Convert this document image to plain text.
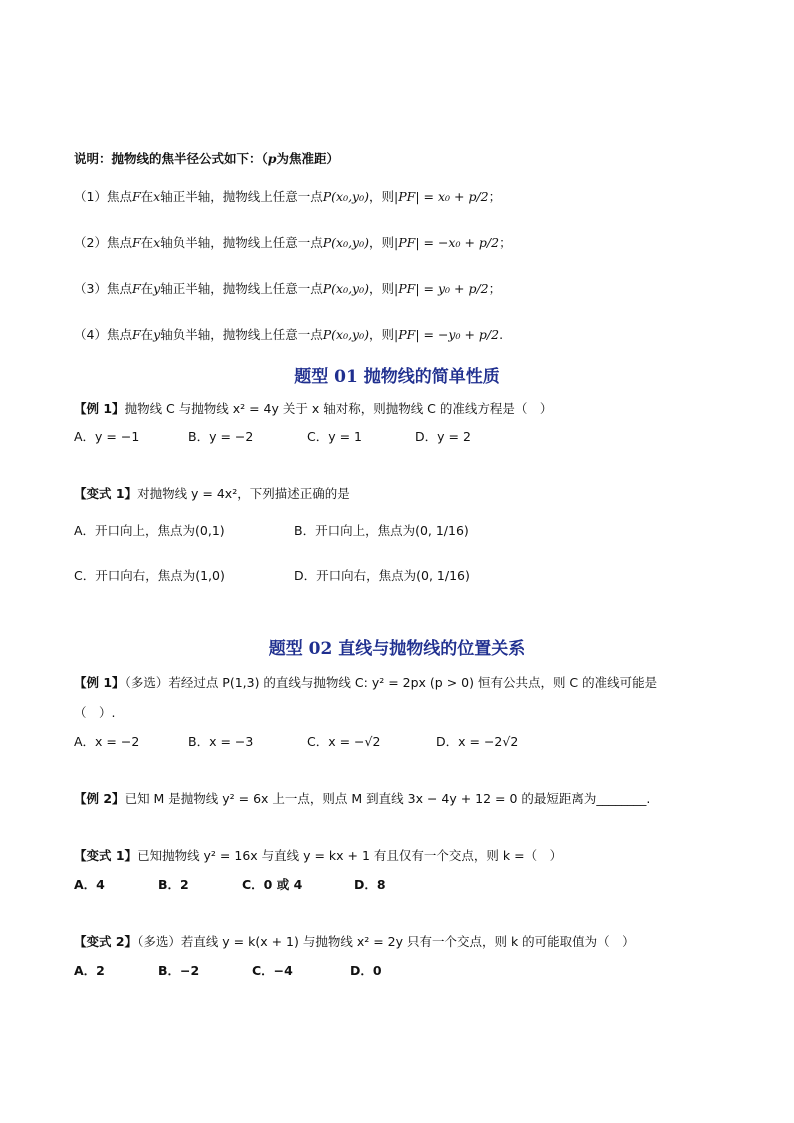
说明：抛物线的焦半径公式如下：（p为焦准距）
（1）焦点F在x轴正半轴，抛物线上任意一点P(x₀,y₀)，则|PF| = x₀ + p/2；
（2）焦点F在x轴负半轴，抛物线上任意一点P(x₀,y₀)，则|PF| = −x₀ + p/2；
（3）焦点F在y轴正半轴，抛物线上任意一点P(x₀,y₀)，则|PF| = y₀ + p/2；
（4）焦点F在y轴负半轴，抛物线上任意一点P(x₀,y₀)，则|PF| = −y₀ + p/2.
题型 01 抛物线的简单性质
【例 1】抛物线 C 与抛物线 x² = 4y 关于 x 轴对称，则抛物线 C 的准线方程是（　）
A．y = −1	B．y = −2	C．y = 1	D．y = 2
【变式 1】对抛物线 y = 4x²，下列描述正确的是
A．开口向上，焦点为(0,1)	B．开口向上，焦点为(0, 1/16)
C．开口向右，焦点为(1,0)	D．开口向右，焦点为(0, 1/16)
题型 02 直线与抛物线的位置关系
【例 1】（多选）若经过点 P(1,3) 的直线与抛物线 C: y² = 2px (p > 0) 恒有公共点，则 C 的准线可能是
（　）.
A．x = −2	B．x = −3	C．x = −√2	D．x = −2√2
【例 2】已知 M 是抛物线 y² = 6x 上一点，则点 M 到直线 3x − 4y + 12 = 0 的最短距离为________.
【变式 1】已知抛物线 y² = 16x 与直线 y = kx + 1 有且仅有一个交点，则 k =（　）
A．4	B．2	C．0 或 4	D．8
【变式 2】（多选）若直线 y = k(x + 1) 与抛物线 x² = 2y 只有一个交点，则 k 的可能取值为（　）
A．2	B．−2	C．−4	D．0
